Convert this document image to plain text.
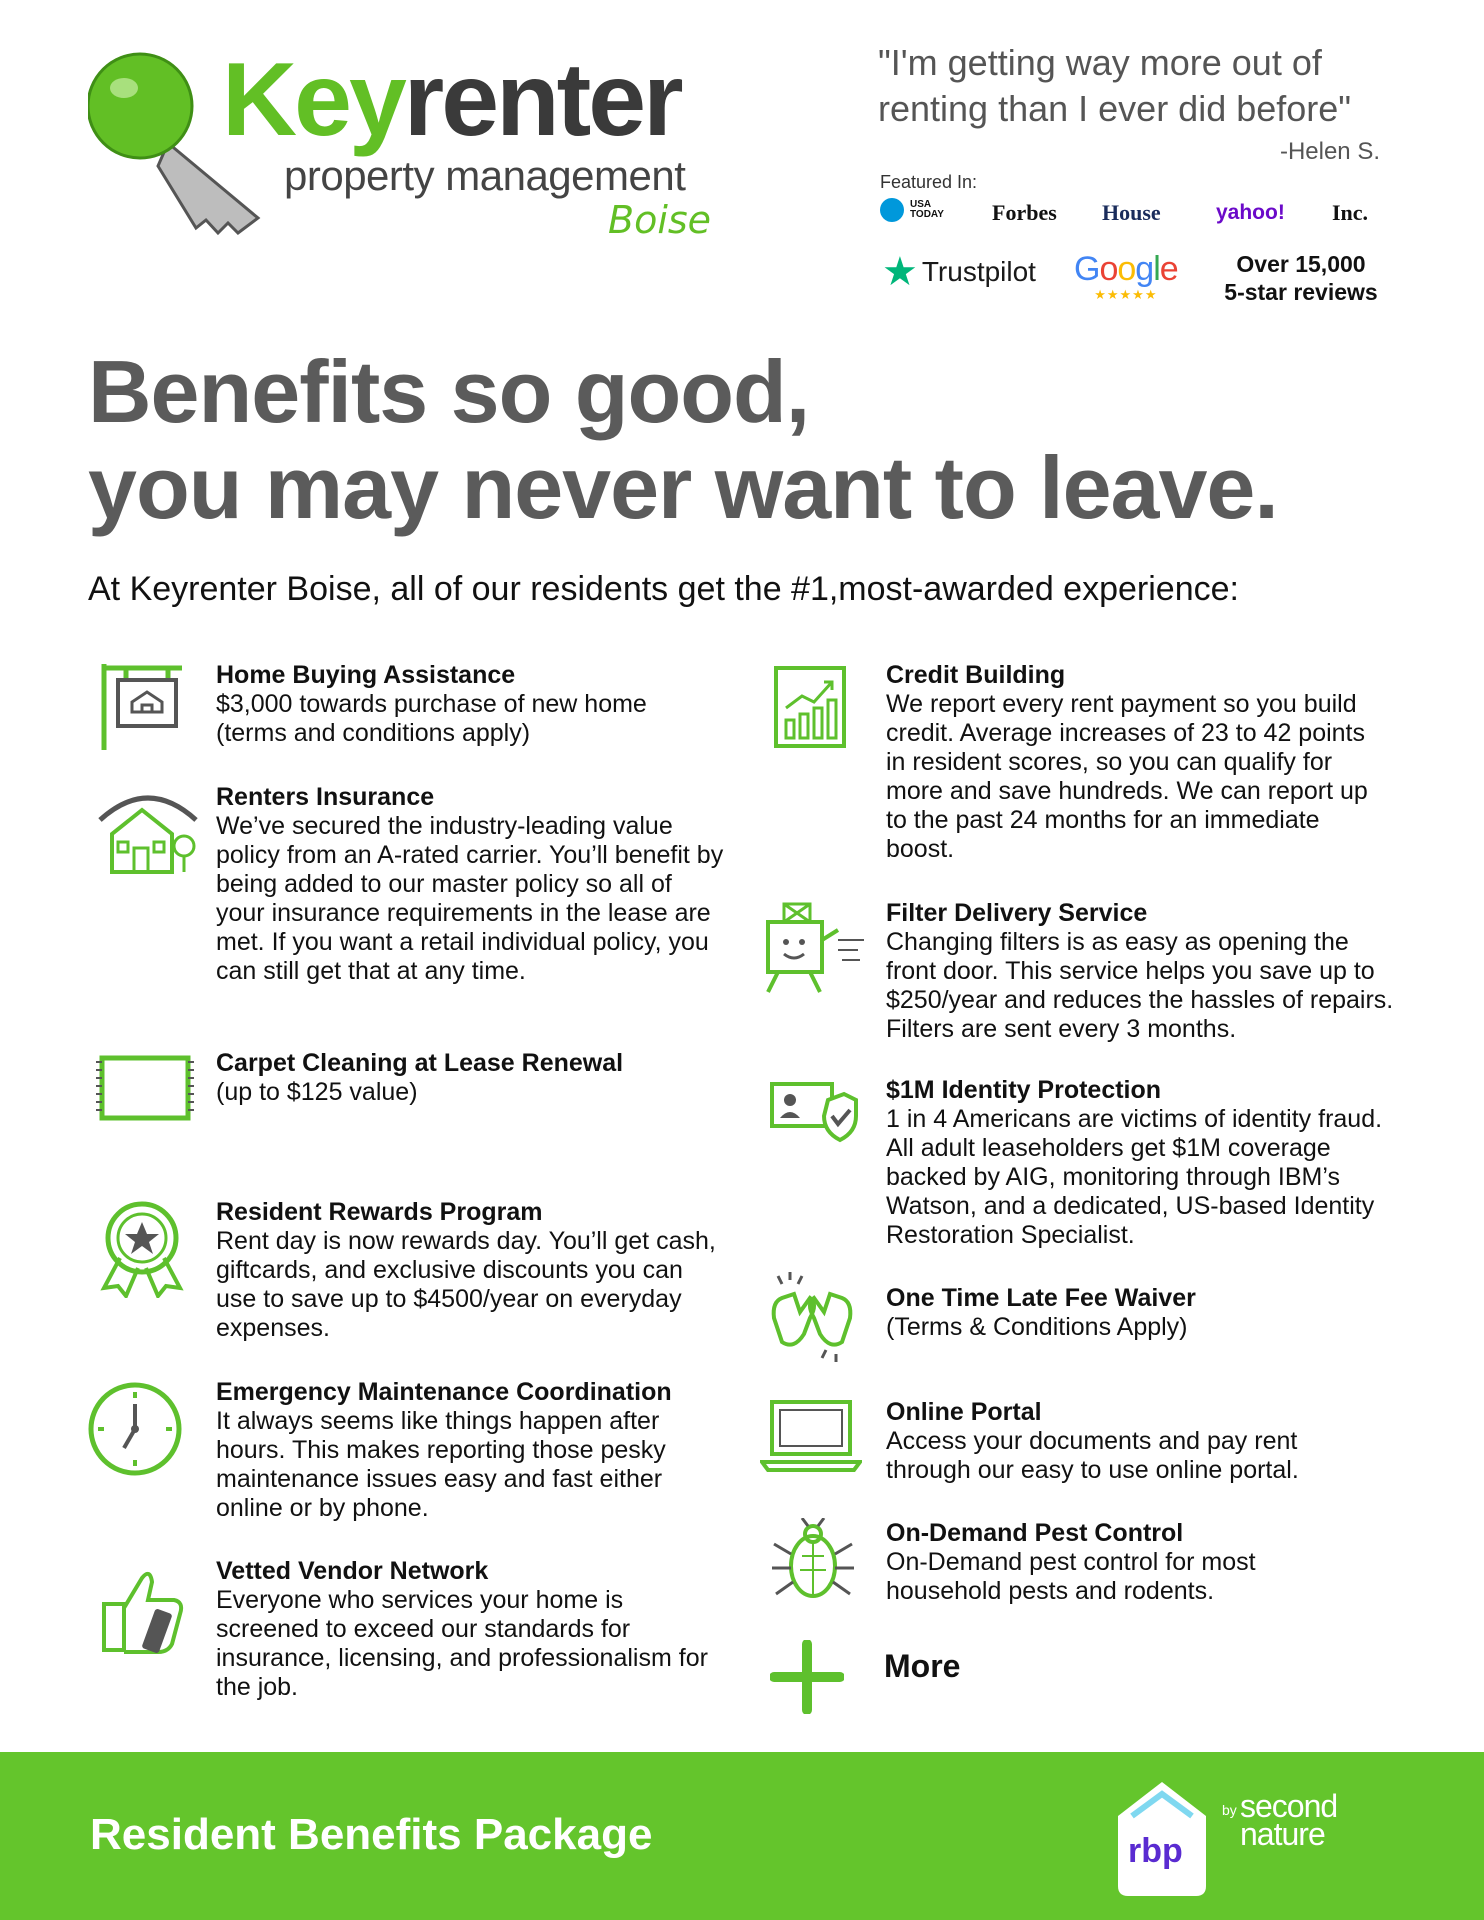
Keyrenter
property management
Boise
"I'm getting way more out of renting than I ever did before"
-Helen S.
Featured In:
USA
TODAY Forbes House	yahoo! Inc.
★ Trustpilot Google
★★★★★
Over 15,000
5-star reviews
Benefits so good,
you may never want to leave.
At Keyrenter Boise, all of our residents get the #1,most-awarded experience:
Home Buying Assistance
$3,000 towards purchase of new home (terms and conditions apply)
Renters Insurance
We’ve secured the industry-leading value policy from an A-rated carrier. You’ll benefit by being added to our master policy so all of your insurance requirements in the lease are met. If you want a retail individual policy, you can still get that at any time.
Carpet Cleaning at Lease Renewal
(up to $125 value)
Resident Rewards Program
Rent day is now rewards day. You’ll get cash, giftcards, and exclusive discounts you can use to save up to $4500/year on everyday expenses.
Emergency Maintenance Coordination
It always seems like things happen after hours. This makes reporting those pesky maintenance issues easy and fast either online or by phone.
Vetted Vendor Network
Everyone who services your home is screened to exceed our standards for insurance, licensing, and professionalism for the job.
Credit Building
We report every rent payment so you build credit. Average increases of 23 to 42 points in resident scores, so you can qualify for more and save hundreds. We can report up to the past 24 months for an immediate boost.
Filter Delivery Service
Changing filters is as easy as opening the front door. This service helps you save up to $250/year and reduces the hassles of repairs. Filters are sent every 3 months.
$1M Identity Protection
1 in 4 Americans are victims of identity fraud. All adult leaseholders get $1M coverage backed by AIG, monitoring through IBM’s Watson, and a dedicated, US-based Identity Restoration Specialist.
One Time Late Fee Waiver
(Terms & Conditions Apply)
Online Portal
Access your documents and pay rent through our easy to use online portal.
On-Demand Pest Control
On-Demand pest control for most household pests and rodents.
More
Resident Benefits Package	rbp
by second
nature
